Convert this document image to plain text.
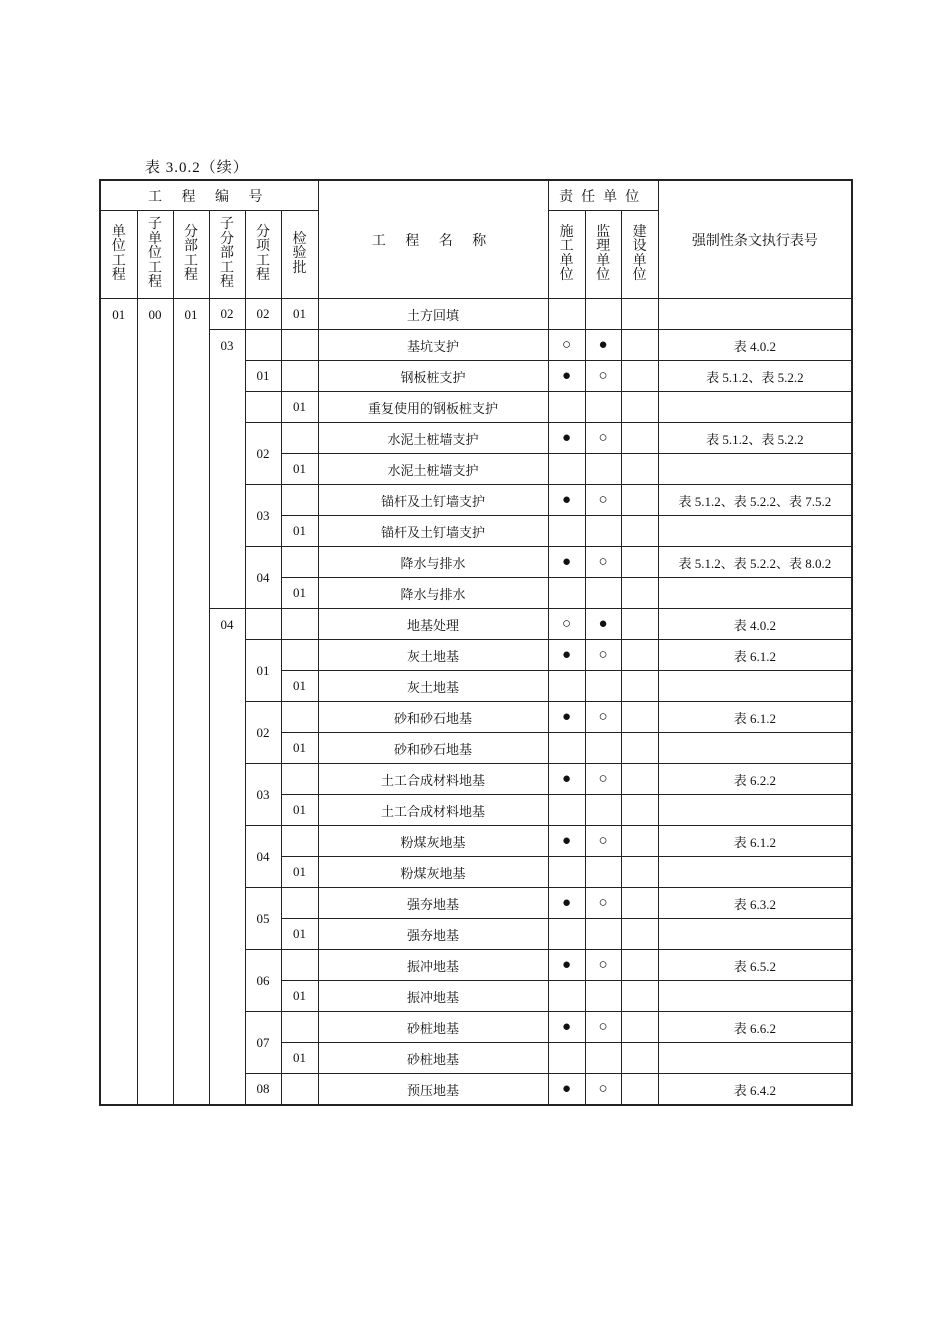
表 3.0.2（续）
工 程 编 号						工 程 名 称	责任单位			强制性条文执行表号
单位工程	子单位工程	分部工程	子分部工程	分项工程	检验批		施工单位	监理单位	建设单位	
01	00	01	02	02	01	土方回填				
			03			基坑支护	○	●		表 4.0.2
				01		钢板桩支护	●	○		表 5.1.2、表 5.2.2
					01	重复使用的钢板桩支护				
				02		水泥土桩墙支护	●	○		表 5.1.2、表 5.2.2
					01	水泥土桩墙支护				
				03		锚杆及土钉墙支护	●	○		表 5.1.2、表 5.2.2、表 7.5.2
					01	锚杆及土钉墙支护				
				04		降水与排水	●	○		表 5.1.2、表 5.2.2、表 8.0.2
					01	降水与排水				
			04			地基处理	○	●		表 4.0.2
				01		灰土地基	●	○		表 6.1.2
					01	灰土地基				
				02		砂和砂石地基	●	○		表 6.1.2
					01	砂和砂石地基				
				03		土工合成材料地基	●	○		表 6.2.2
					01	土工合成材料地基				
				04		粉煤灰地基	●	○		表 6.1.2
					01	粉煤灰地基				
				05		强夯地基	●	○		表 6.3.2
					01	强夯地基				
				06		振冲地基	●	○		表 6.5.2
					01	振冲地基				
				07		砂桩地基	●	○		表 6.6.2
					01	砂桩地基				
				08		预压地基	●	○		表 6.4.2
